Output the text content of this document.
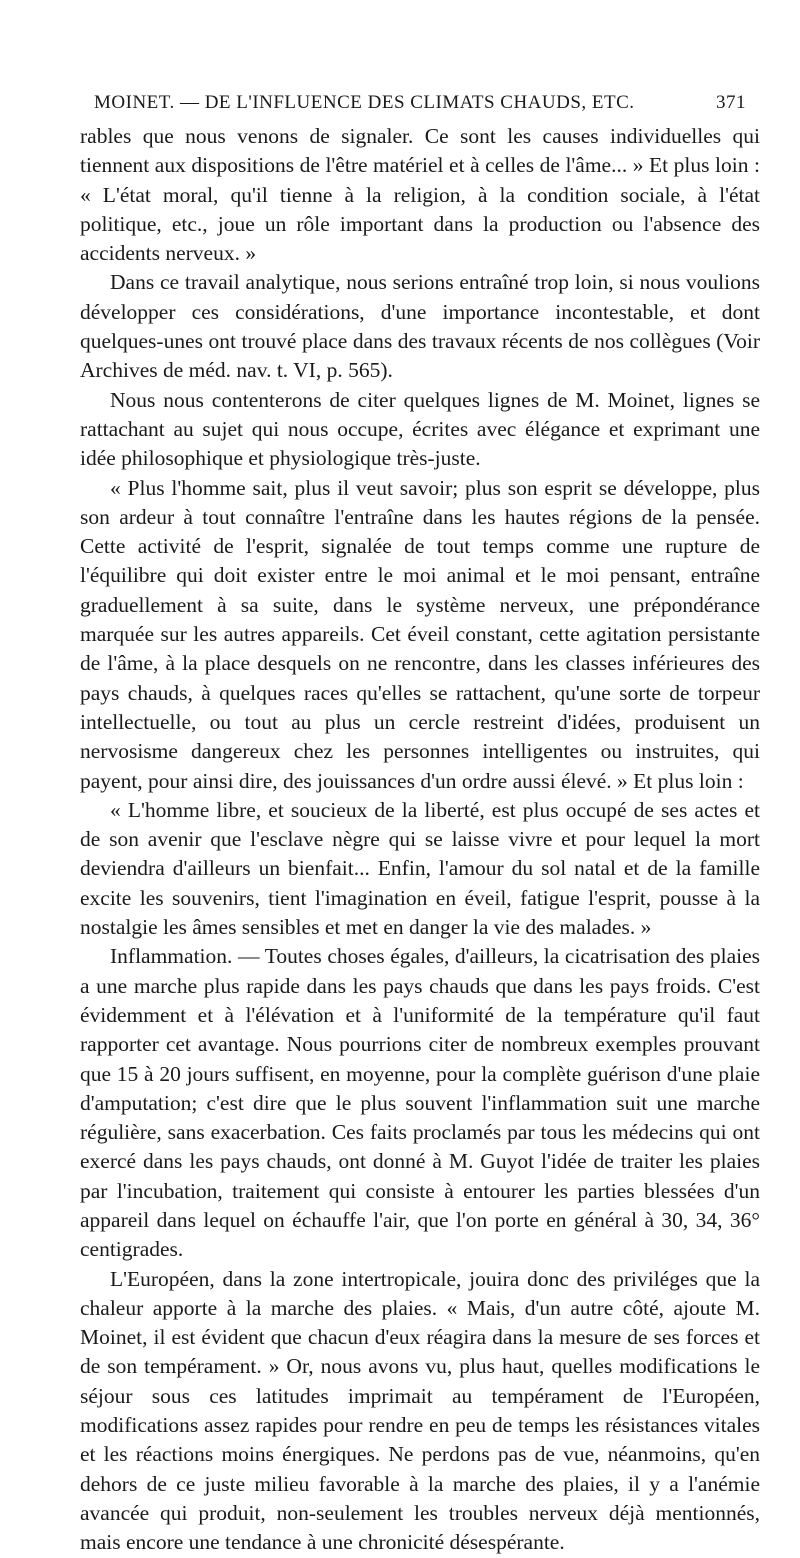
MOINET. — DE L'INFLUENCE DES CLIMATS CHAUDS, ETC.	371

rables que nous venons de signaler. Ce sont les causes individuelles qui tiennent aux dispositions de l'être matériel et à celles de l'âme... » Et plus loin : « L'état moral, qu'il tienne à la religion, à la condition sociale, à l'état politique, etc., joue un rôle important dans la production ou l'absence des accidents nerveux. »

Dans ce travail analytique, nous serions entraîné trop loin, si nous voulions développer ces considérations, d'une importance incontestable, et dont quelques-unes ont trouvé place dans des travaux récents de nos collègues (Voir Archives de méd. nav. t. VI, p. 565).

Nous nous contenterons de citer quelques lignes de M. Moinet, lignes se rattachant au sujet qui nous occupe, écrites avec élégance et exprimant une idée philosophique et physiologique très-juste.

« Plus l'homme sait, plus il veut savoir; plus son esprit se développe, plus son ardeur à tout connaître l'entraîne dans les hautes régions de la pensée. Cette activité de l'esprit, signalée de tout temps comme une rupture de l'équilibre qui doit exister entre le moi animal et le moi pensant, entraîne graduellement à sa suite, dans le système nerveux, une prépondérance marquée sur les autres appareils. Cet éveil constant, cette agitation persistante de l'âme, à la place desquels on ne rencontre, dans les classes inférieures des pays chauds, à quelques races qu'elles se rattachent, qu'une sorte de torpeur intellectuelle, ou tout au plus un cercle restreint d'idées, produisent un nervosisme dangereux chez les personnes intelligentes ou instruites, qui payent, pour ainsi dire, des jouissances d'un ordre aussi élevé. » Et plus loin :

« L'homme libre, et soucieux de la liberté, est plus occupé de ses actes et de son avenir que l'esclave nègre qui se laisse vivre et pour lequel la mort deviendra d'ailleurs un bienfait... Enfin, l'amour du sol natal et de la famille excite les souvenirs, tient l'imagination en éveil, fatigue l'esprit, pousse à la nostalgie les âmes sensibles et met en danger la vie des malades. »

Inflammation. — Toutes choses égales, d'ailleurs, la cicatrisation des plaies a une marche plus rapide dans les pays chauds que dans les pays froids. C'est évidemment et à l'élévation et à l'uniformité de la température qu'il faut rapporter cet avantage. Nous pourrions citer de nombreux exemples prouvant que 15 à 20 jours suffisent, en moyenne, pour la complète guérison d'une plaie d'amputation; c'est dire que le plus souvent l'inflammation suit une marche régulière, sans exacerbation. Ces faits proclamés par tous les médecins qui ont exercé dans les pays chauds, ont donné à M. Guyot l'idée de traiter les plaies par l'incubation, traitement qui consiste à entourer les parties blessées d'un appareil dans lequel on échauffe l'air, que l'on porte en général à 30, 34, 36° centigrades.

L'Européen, dans la zone intertropicale, jouira donc des priviléges que la chaleur apporte à la marche des plaies. « Mais, d'un autre côté, ajoute M. Moinet, il est évident que chacun d'eux réagira dans la mesure de ses forces et de son tempérament. » Or, nous avons vu, plus haut, quelles modifications le séjour sous ces latitudes imprimait au tempérament de l'Européen, modifications assez rapides pour rendre en peu de temps les résistances vitales et les réactions moins énergiques. Ne perdons pas de vue, néanmoins, qu'en dehors de ce juste milieu favorable à la marche des plaies, il y a l'anémie avancée qui produit, non-seulement les troubles nerveux déjà mentionnés, mais encore une tendance à une chronicité désespérante.
